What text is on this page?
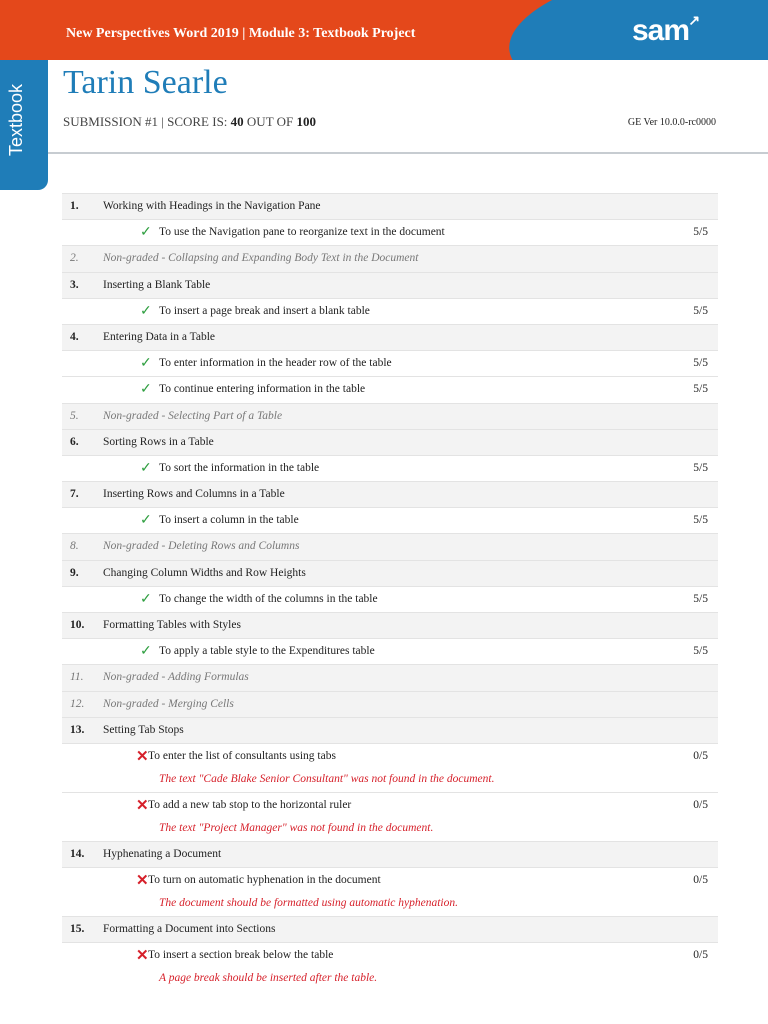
New Perspectives Word 2019 | Module 3: Textbook Project	sam ↗
Textbook
Tarin Searle
SUBMISSION #1 | SCORE IS: 40 OUT OF 100	GE Ver 10.0.0-rc0000
1. Working with Headings in the Navigation Pane
✓ To use the Navigation pane to reorganize text in the document	5/5
2. Non-graded - Collapsing and Expanding Body Text in the Document
3. Inserting a Blank Table
✓ To insert a page break and insert a blank table	5/5
4. Entering Data in a Table
✓ To enter information in the header row of the table	5/5
✓ To continue entering information in the table	5/5
5. Non-graded - Selecting Part of a Table
6. Sorting Rows in a Table
✓ To sort the information in the table	5/5
7. Inserting Rows and Columns in a Table
✓ To insert a column in the table	5/5
8. Non-graded - Deleting Rows and Columns
9. Changing Column Widths and Row Heights
✓ To change the width of the columns in the table	5/5
10. Formatting Tables with Styles
✓ To apply a table style to the Expenditures table	5/5
11. Non-graded - Adding Formulas
12. Non-graded - Merging Cells
13. Setting Tab Stops
✕ To enter the list of consultants using tabs	0/5
The text "Cade Blake Senior Consultant" was not found in the document.
✕ To add a new tab stop to the horizontal ruler	0/5
The text "Project Manager" was not found in the document.
14. Hyphenating a Document
✕ To turn on automatic hyphenation in the document	0/5
The document should be formatted using automatic hyphenation.
15. Formatting a Document into Sections
✕ To insert a section break below the table	0/5
A page break should be inserted after the table.
